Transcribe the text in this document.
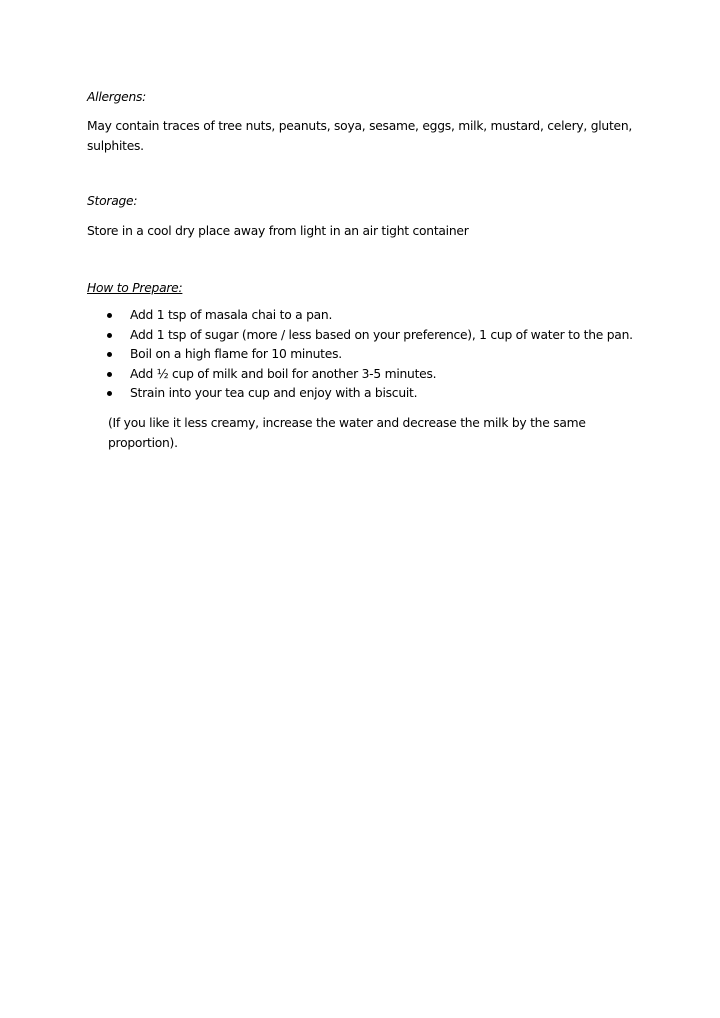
Allergens:
May contain traces of tree nuts, peanuts, soya, sesame, eggs, milk, mustard, celery, gluten, sulphites.
Storage:
Store in a cool dry place away from light in an air tight container
How to Prepare:
Add 1 tsp of masala chai to a pan.
Add 1 tsp of sugar (more / less based on your preference), 1 cup of water to the pan.
Boil on a high flame for 10 minutes.
Add ½ cup of milk and boil for another 3-5 minutes.
Strain into your tea cup and enjoy with a biscuit.
(If you like it less creamy, increase the water and decrease the milk by the same proportion).
